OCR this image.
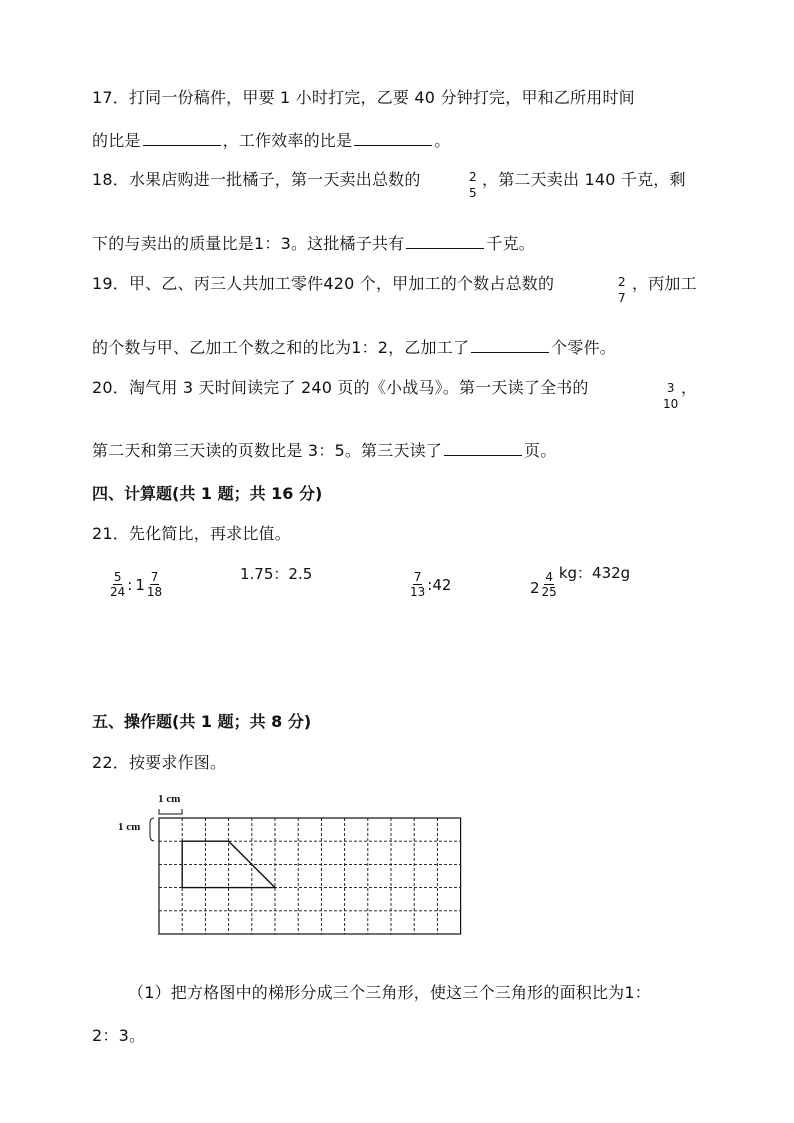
17．打同一份稿件，甲要 1 小时打完，乙要 40 分钟打完，甲和乙所用时间
的比是	，工作效率的比是	。
18．水果店购进一批橘子，第一天卖出总数的	2
5
，第二天卖出 140 千克，剩
下的与卖出的质量比是1：3。这批橘子共有	千克。
19．甲、乙、丙三人共加工零件420 个，甲加工的个数占总数的	2
7
，丙加工
的个数与甲、乙加工个数之和的比为1：2，乙加工了	个零件。
20．淘气用 3 天时间读完了 240 页的《小战马》。第一天读了全书的	3
10
，
第二天和第三天读的页数比是 3：5。第三天读了	页。
四、计算题(共 1 题；共 16 分)
21．先化简比，再求比值。
$\frac{5}{24}$ : $1 \frac{7}{18}$	1.75：2.5	$\frac{7}{13}$ : 42	$2 \frac{4}{25}$ kg：432g
五、操作题(共 1 题；共 8 分)
22．按要求作图。
1 cm
1 cm
（1）把方格图中的梯形分成三个三角形，使这三个三角形的面积比为1：
2：3。
